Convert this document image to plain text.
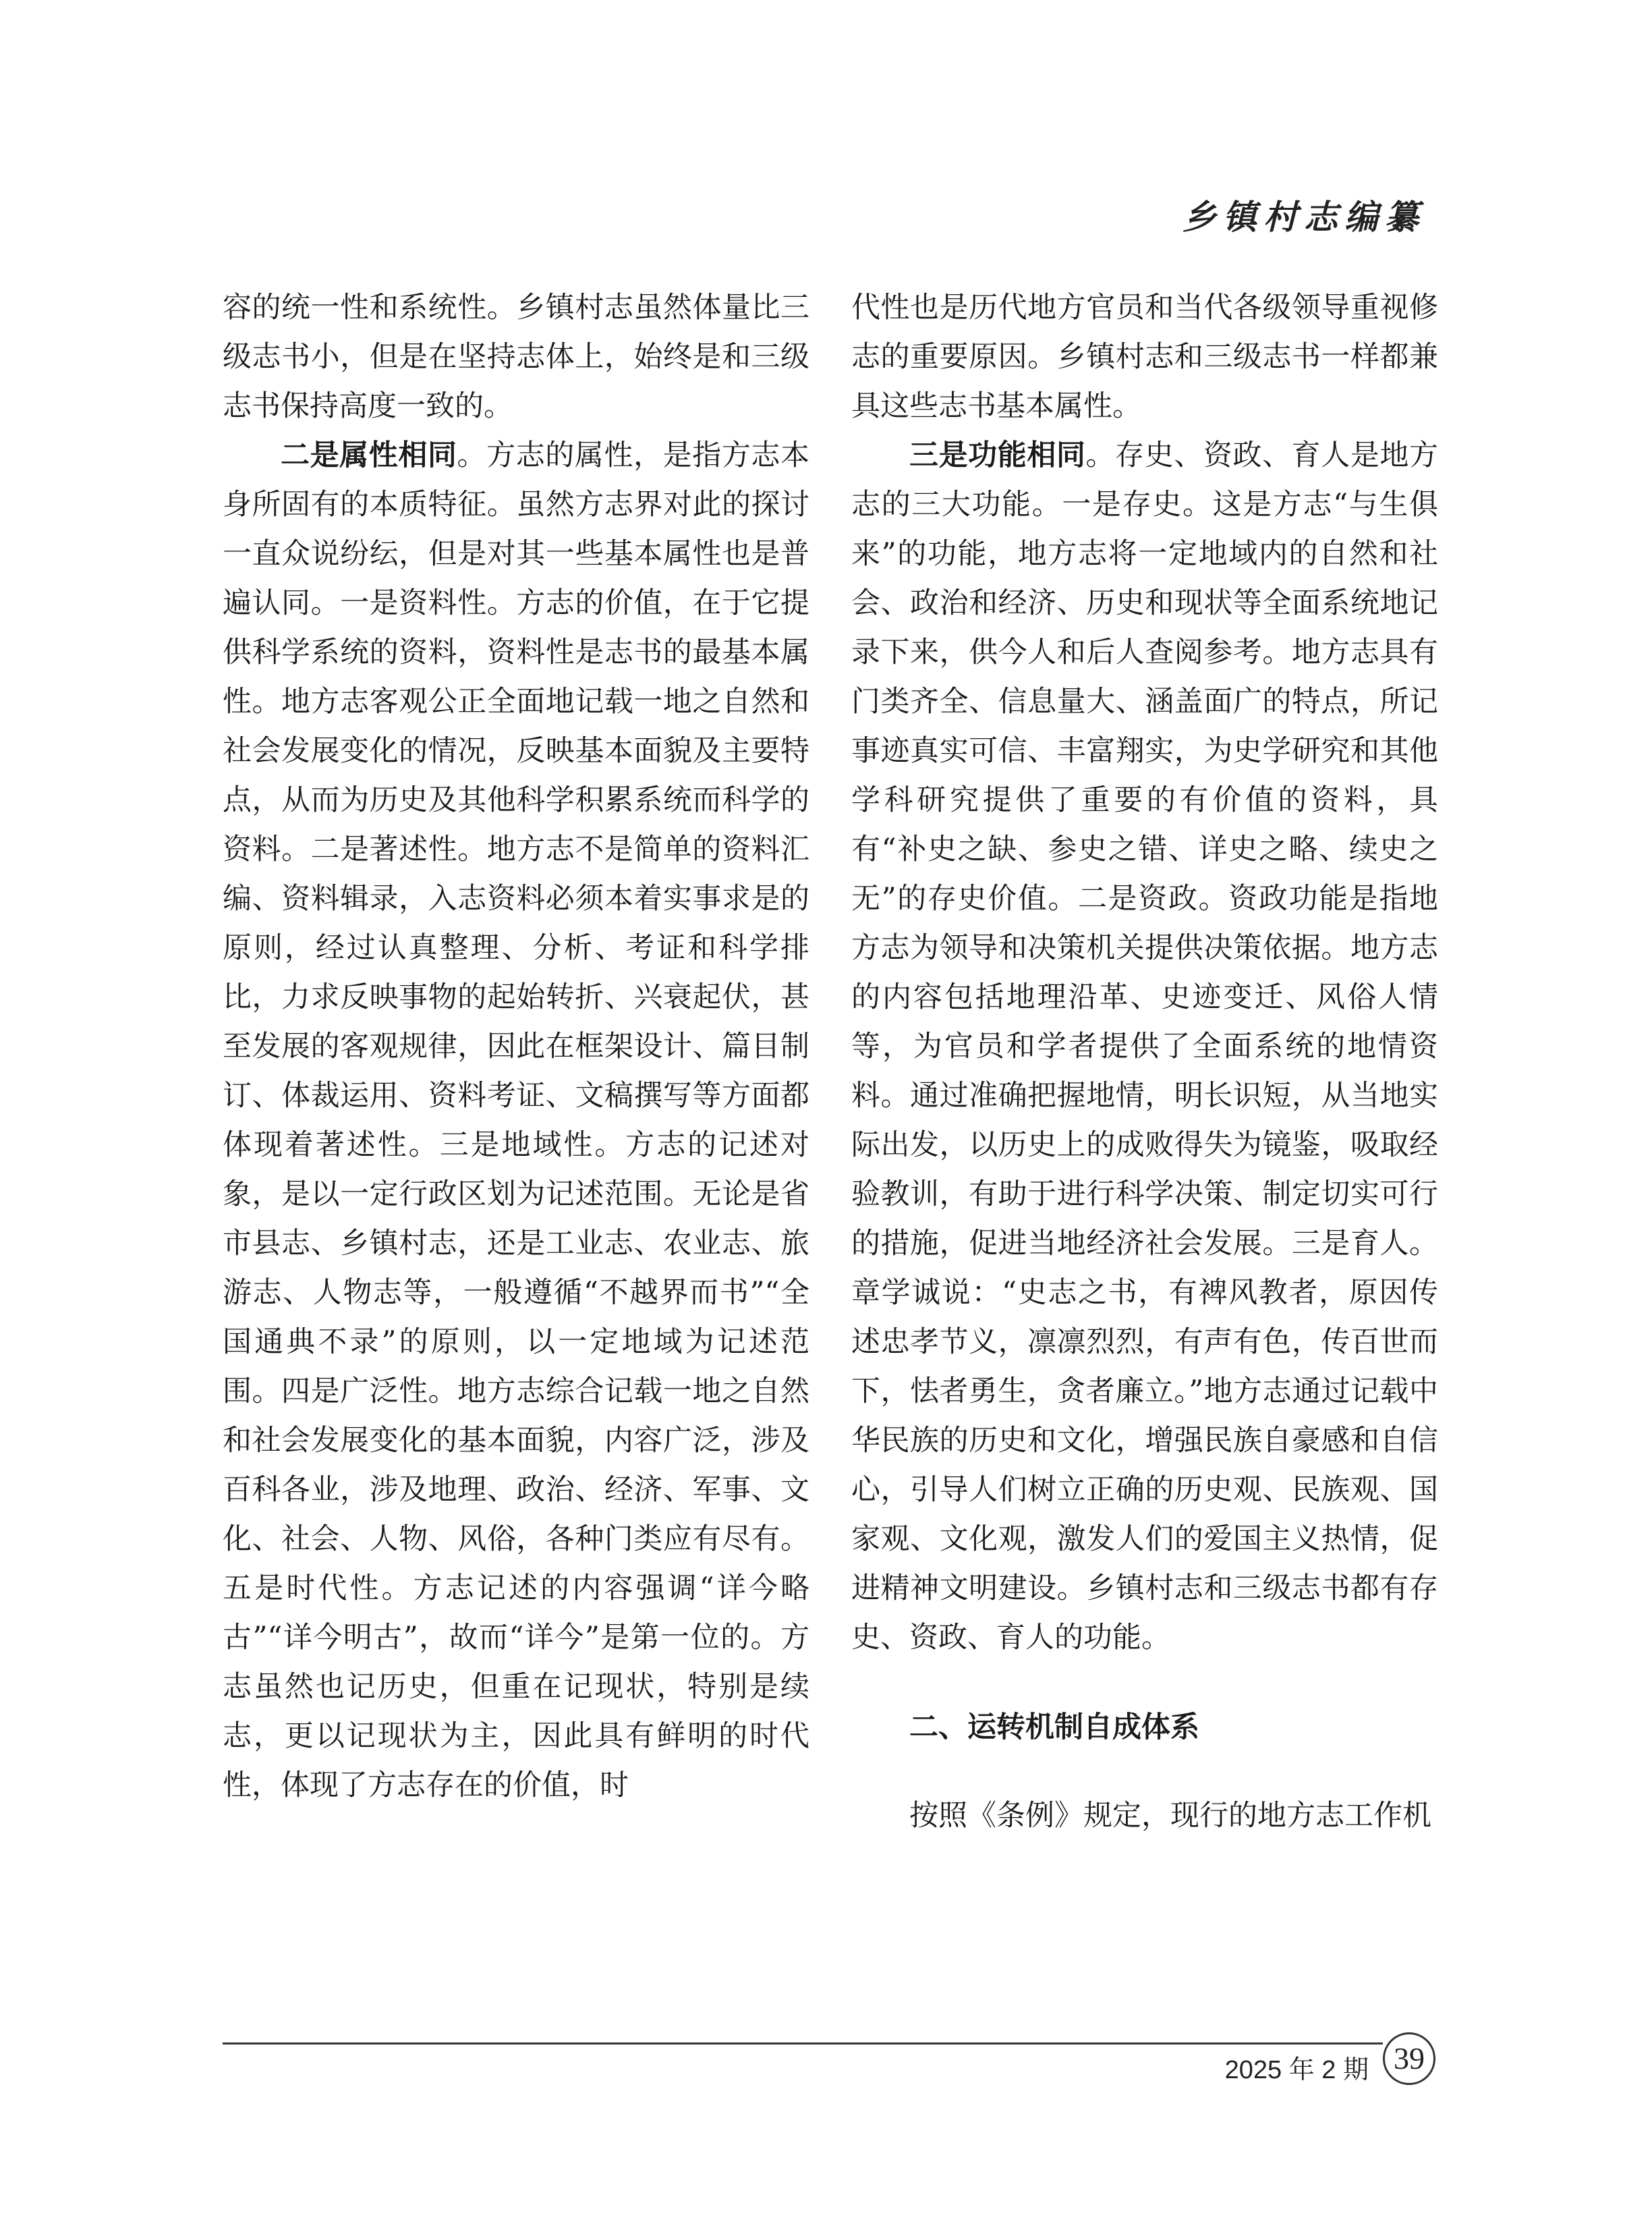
乡镇村志编纂

容的统一性和系统性。乡镇村志虽然体量比三级志书小，但是在坚持志体上，始终是和三级志书保持高度一致的。

二是属性相同。方志的属性，是指方志本身所固有的本质特征。虽然方志界对此的探讨一直众说纷纭，但是对其一些基本属性也是普遍认同。一是资料性。方志的价值，在于它提供科学系统的资料，资料性是志书的最基本属性。地方志客观公正全面地记载一地之自然和社会发展变化的情况，反映基本面貌及主要特点，从而为历史及其他科学积累系统而科学的资料。二是著述性。地方志不是简单的资料汇编、资料辑录，入志资料必须本着实事求是的原则，经过认真整理、分析、考证和科学排比，力求反映事物的起始转折、兴衰起伏，甚至发展的客观规律，因此在框架设计、篇目制订、体裁运用、资料考证、文稿撰写等方面都体现着著述性。三是地域性。方志的记述对象，是以一定行政区划为记述范围。无论是省市县志、乡镇村志，还是工业志、农业志、旅游志、人物志等，一般遵循“不越界而书”“全国通典不录”的原则，以一定地域为记述范围。四是广泛性。地方志综合记载一地之自然和社会发展变化的基本面貌，内容广泛，涉及百科各业，涉及地理、政治、经济、军事、文化、社会、人物、风俗，各种门类应有尽有。五是时代性。方志记述的内容强调“详今略古”“详今明古”，故而“详今”是第一位的。方志虽然也记历史，但重在记现状，特别是续志，更以记现状为主，因此具有鲜明的时代性，体现了方志存在的价值，时

代性也是历代地方官员和当代各级领导重视修志的重要原因。乡镇村志和三级志书一样都兼具这些志书基本属性。

三是功能相同。存史、资政、育人是地方志的三大功能。一是存史。这是方志“与生俱来”的功能，地方志将一定地域内的自然和社会、政治和经济、历史和现状等全面系统地记录下来，供今人和后人查阅参考。地方志具有门类齐全、信息量大、涵盖面广的特点，所记事迹真实可信、丰富翔实，为史学研究和其他学科研究提供了重要的有价值的资料，具有“补史之缺、参史之错、详史之略、续史之无”的存史价值。二是资政。资政功能是指地方志为领导和决策机关提供决策依据。地方志的内容包括地理沿革、史迹变迁、风俗人情等，为官员和学者提供了全面系统的地情资料。通过准确把握地情，明长识短，从当地实际出发，以历史上的成败得失为镜鉴，吸取经验教训，有助于进行科学决策、制定切实可行的措施，促进当地经济社会发展。三是育人。章学诚说：“史志之书，有裨风教者，原因传述忠孝节义，凛凛烈烈，有声有色，传百世而下，怯者勇生，贪者廉立。”地方志通过记载中华民族的历史和文化，增强民族自豪感和自信心，引导人们树立正确的历史观、民族观、国家观、文化观，激发人们的爱国主义热情，促进精神文明建设。乡镇村志和三级志书都有存史、资政、育人的功能。

二、运转机制自成体系

按照《条例》规定，现行的地方志工作机

2025 年 2 期 39
